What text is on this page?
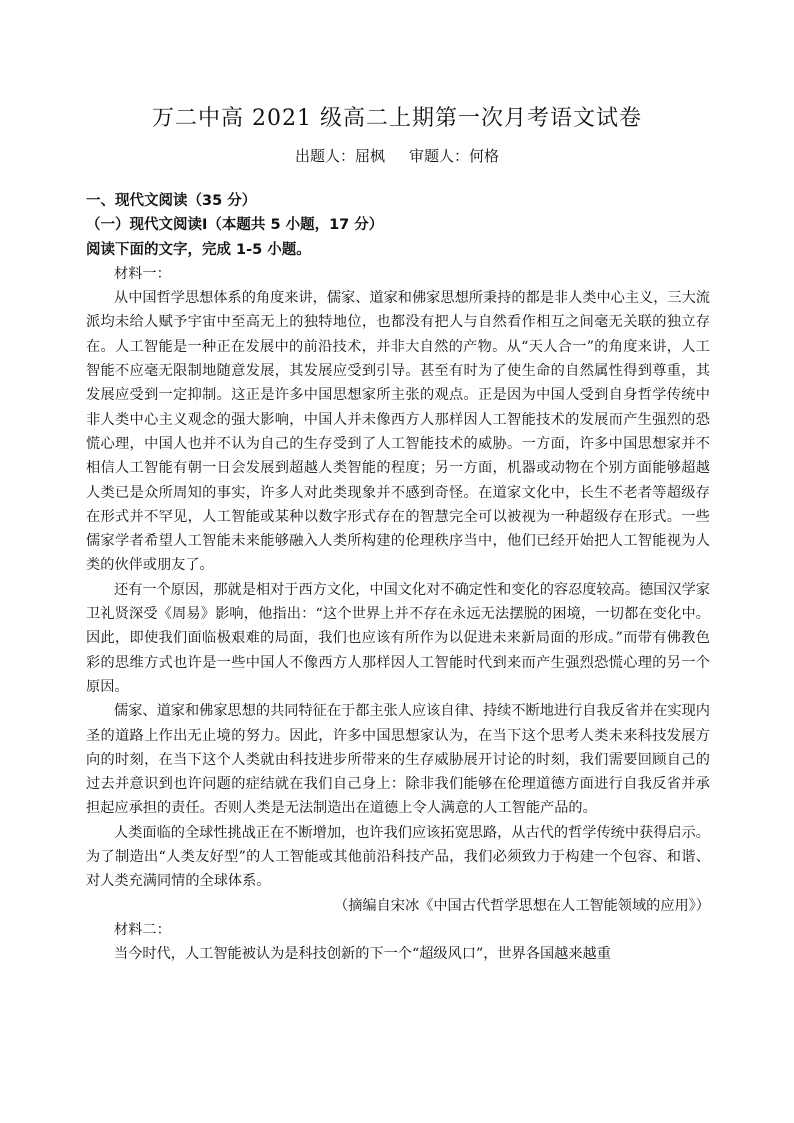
万二中高 2021 级高二上期第一次月考语文试卷
出题人：屈枫 审题人：何格

一、现代文阅读（35 分）

（一）现代文阅读Ⅰ（本题共 5 小题，17 分）

阅读下面的文字，完成 1-5 小题。

材料一：

从中国哲学思想体系的角度来讲，儒家、道家和佛家思想所秉持的都是非人类中心主义，三大流派均未给人赋予宇宙中至高无上的独特地位，也都没有把人与自然看作相互之间毫无关联的独立存在。人工智能是一种正在发展中的前沿技术，并非大自然的产物。从“天人合一”的角度来讲，人工智能不应毫无限制地随意发展，其发展应受到引导。甚至有时为了使生命的自然属性得到尊重，其发展应受到一定抑制。这正是许多中国思想家所主张的观点。正是因为中国人受到自身哲学传统中非人类中心主义观念的强大影响，中国人并未像西方人那样因人工智能技术的发展而产生强烈的恐慌心理，中国人也并不认为自己的生存受到了人工智能技术的威胁。一方面，许多中国思想家并不相信人工智能有朝一日会发展到超越人类智能的程度；另一方面，机器或动物在个别方面能够超越人类已是众所周知的事实，许多人对此类现象并不感到奇怪。在道家文化中，长生不老者等超级存在形式并不罕见，人工智能或某种以数字形式存在的智慧完全可以被视为一种超级存在形式。一些儒家学者希望人工智能未来能够融入人类所构建的伦理秩序当中，他们已经开始把人工智能视为人类的伙伴或朋友了。

还有一个原因，那就是相对于西方文化，中国文化对不确定性和变化的容忍度较高。德国汉学家卫礼贤深受《周易》影响，他指出：“这个世界上并不存在永远无法摆脱的困境，一切都在变化中。因此，即使我们面临极艰难的局面，我们也应该有所作为以促进未来新局面的形成。”而带有佛教色彩的思维方式也许是一些中国人不像西方人那样因人工智能时代到来而产生强烈恐慌心理的另一个原因。

儒家、道家和佛家思想的共同特征在于都主张人应该自律、持续不断地进行自我反省并在实现内圣的道路上作出无止境的努力。因此，许多中国思想家认为，在当下这个思考人类未来科技发展方向的时刻，在当下这个人类就由科技进步所带来的生存威胁展开讨论的时刻，我们需要回顾自己的过去并意识到也许问题的症结就在我们自己身上：除非我们能够在伦理道德方面进行自我反省并承担起应承担的责任。否则人类是无法制造出在道德上令人满意的人工智能产品的。

人类面临的全球性挑战正在不断增加，也许我们应该拓宽思路，从古代的哲学传统中获得启示。为了制造出“人类友好型”的人工智能或其他前沿科技产品，我们必须致力于构建一个包容、和谐、对人类充满同情的全球体系。

（摘编自宋冰《中国古代哲学思想在人工智能领域的应用》）

材料二：

当今时代，人工智能被认为是科技创新的下一个“超级风口”，世界各国越来越重
